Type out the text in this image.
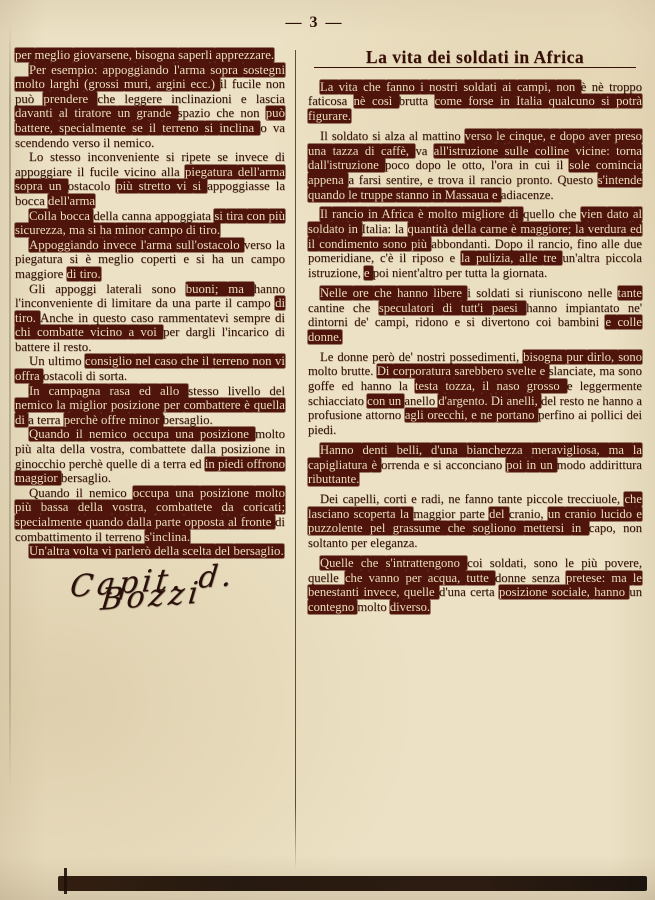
— 3 —

per meglio giovarsene, bisogna saperli apprezzare.

Per esempio: appoggiando l'arma sopra sostegni molto larghi (grossi muri, argini ecc.) il fucile non può prendere che leggere inclinazioni e lascia davanti al tiratore un grande spazio che non può battere, specialmente se il terreno si inclina o va scendendo verso il nemico.

Lo stesso inconveniente si ripete se invece di appoggiare il fucile vicino alla piegatura dell'arma sopra un ostacolo più stretto vi si appoggiasse la bocca dell'arma

Colla bocca della canna appoggiata si tira con più sicurezza, ma si ha minor campo di tiro.

Appoggiando invece l'arma sull'ostacolo verso la piegatura si è meglio coperti e si ha un campo maggiore di tiro.

Gli appoggi laterali sono buoni; ma hanno l'inconveniente di limitare da una parte il campo di tiro. Anche in questo caso rammentatevi sempre di chi combatte vicino a voi per dargli l'incarico di battere il resto.

Un ultimo consiglio nel caso che il terreno non vi offra ostacoli di sorta.

In campagna rasa ed allo stesso livello del nemico la miglior posizione per combattere è quella di a terra perchè offre minor bersaglio.

Quando il nemico occupa una posizione molto più alta della vostra, combattete dalla posizione in ginocchio perchè quelle di a terra ed in piedi offrono maggior bersaglio.

Quando il nemico occupa una posizione molto più bassa della vostra, combattete da coricati; specialmente quando dalla parte opposta al fronte di combattimento il terreno s'inclina.

Un'altra volta vi parlerò della scelta del bersaglio.

Capit. d. Bozzi
La vita dei soldati in Africa

La vita che fanno i nostri soldati ai campi, non è nè troppo faticosa nè così brutta come forse in Italia qualcuno si potrà figurare.

Il soldato si alza al mattino verso le cinque, e dopo aver preso una tazza di caffè, va all'istruzione sulle colline vicine: torna dall'istruzione poco dopo le otto, l'ora in cui il sole comincia appena a farsi sentire, e trova il rancio pronto. Questo s'intende quando le truppe stanno in Massaua e adiacenze.

Il rancio in Africa è molto migliore di quello che vien dato al soldato in Italia: la quantità della carne è maggiore; la verdura ed il condimento sono più abbondanti. Dopo il rancio, fino alle due pomeridiane, c'è il riposo e la pulizia, alle tre un'altra piccola istruzione, e poi nient'altro per tutta la giornata.

Nelle ore che hanno libere i soldati si riuniscono nelle tante cantine che speculatori di tutt'i paesi hanno impiantato ne' dintorni de' campi, ridono e si divertono coi bambini e colle donne.

Le donne però de' nostri possedimenti, bisogna pur dirlo, sono molto brutte. Di corporatura sarebbero svelte e slanciate, ma sono goffe ed hanno la testa tozza, il naso grosso e leggermente schiacciato con un anello d'argento. Di anelli, del resto ne hanno a profusione attorno agli orecchi, e ne portano perfino ai pollici dei piedi.

Hanno denti belli, d'una bianchezza meravigliosa, ma la capigliatura è orrenda e si acconciano poi in un modo addirittura ributtante.

Dei capelli, corti e radi, ne fanno tante piccole trecciuole, che lasciano scoperta la maggior parte del cranio, un cranio lucido e puzzolente pel grassume che sogliono mettersi in capo, non soltanto per eleganza.

Quelle che s'intrattengono coi soldati, sono le più povere, quelle che vanno per acqua, tutte donne senza pretese: ma le benestanti invece, quelle d'una certa posizione sociale, hanno un contegno molto diverso.
